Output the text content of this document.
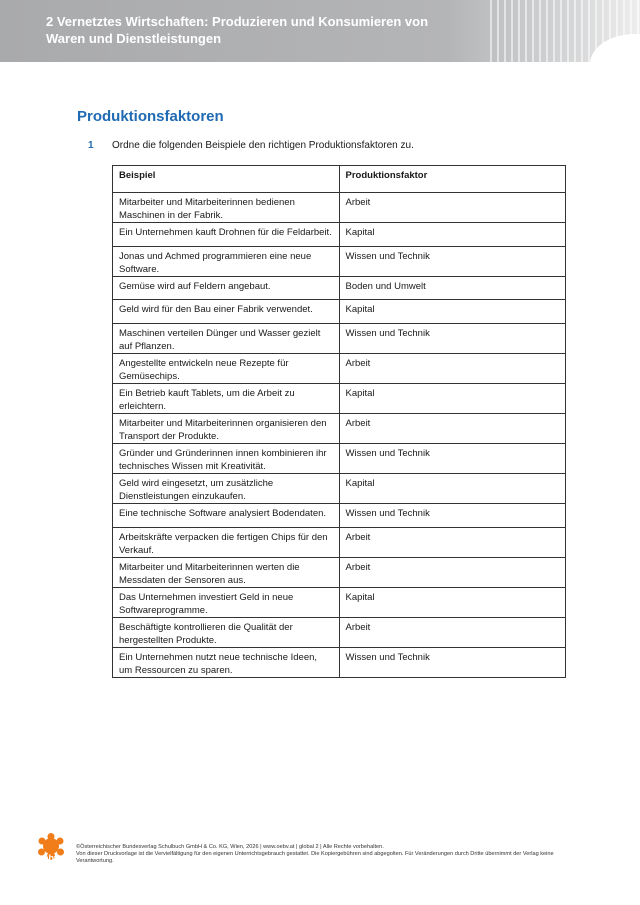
2 Vernetztes Wirtschaften: Produzieren und Konsumieren von Waren und Dienstleistungen
Produktionsfaktoren
1 Ordne die folgenden Beispiele den richtigen Produktionsfaktoren zu.
Beispiel	Produktionsfaktor
Mitarbeiter und Mitarbeiterinnen bedienen Maschinen in der Fabrik.	Arbeit
Ein Unternehmen kauft Drohnen für die Feldarbeit.	Kapital
Jonas und Achmed programmieren eine neue Software.	Wissen und Technik
Gemüse wird auf Feldern angebaut.	Boden und Umwelt
Geld wird für den Bau einer Fabrik verwendet.	Kapital
Maschinen verteilen Dünger und Wasser gezielt auf Pflanzen.	Wissen und Technik
Angestellte entwickeln neue Rezepte für Gemüsechips.	Arbeit
Ein Betrieb kauft Tablets, um die Arbeit zu erleichtern.	Kapital
Mitarbeiter und Mitarbeiterinnen organisieren den Transport der Produkte.	Arbeit
Gründer und Gründerinnen innen kombinieren ihr technisches Wissen mit Kreativität.	Wissen und Technik
Geld wird eingesetzt, um zusätzliche Dienstleistungen einzukaufen.	Kapital
Eine technische Software analysiert Bodendaten.	Wissen und Technik
Arbeitskräfte verpacken die fertigen Chips für den Verkauf.	Arbeit
Mitarbeiter und Mitarbeiterinnen werten die Messdaten der Sensoren aus.	Arbeit
Das Unternehmen investiert Geld in neue Softwareprogramme.	Kapital
Beschäftigte kontrollieren die Qualität der hergestellten Produkte.	Arbeit
Ein Unternehmen nutzt neue technische Ideen, um Ressourcen zu sparen.	Wissen und Technik
öbv
©Österreichischer Bundesverlag Schulbuch GmbH & Co. KG, Wien, 2026 | www.oebv.at | global 2 | Alle Rechte vorbehalten.
Von dieser Druckvorlage ist die Vervielfältigung für den eigenen Unterrichtsgebrauch gestattet. Die Kopiergebühren sind abgegolten. Für Veränderungen durch Dritte übernimmt der Verlag keine Verantwortung.
